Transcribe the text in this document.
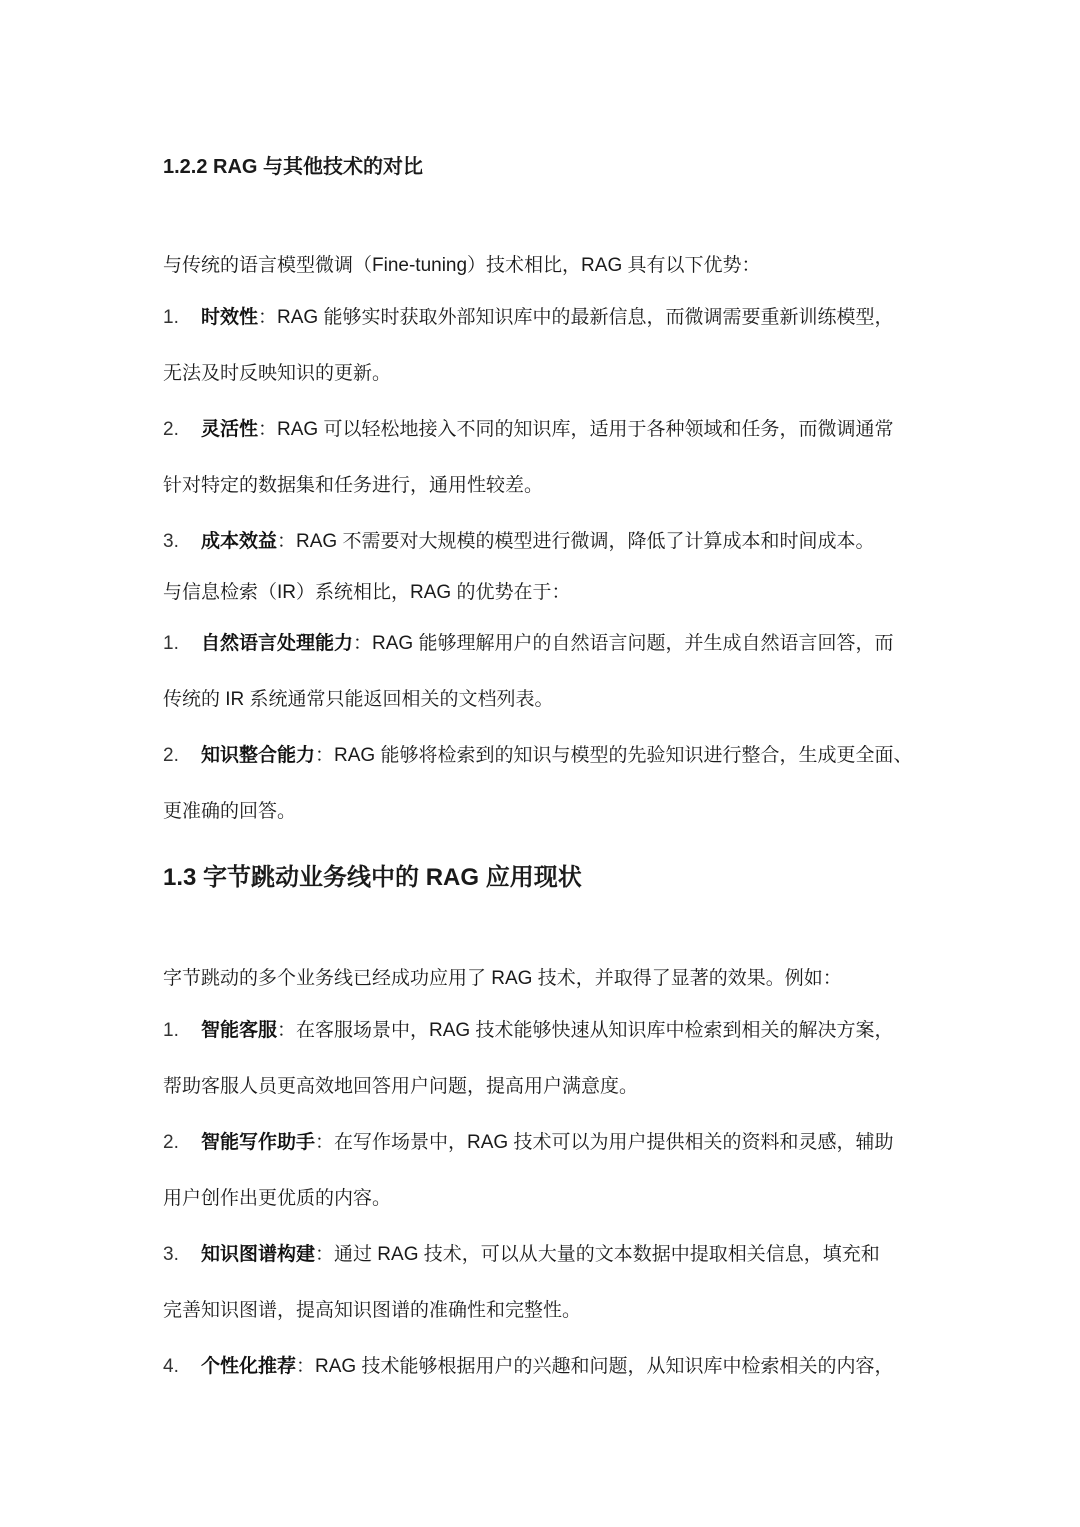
1.2.2 RAG 与其他技术的对比
与传统的语言模型微调（Fine-tuning）技术相比，RAG 具有以下优势：
1. 时效性：RAG 能够实时获取外部知识库中的最新信息，而微调需要重新训练模型，
无法及时反映知识的更新。
2. 灵活性：RAG 可以轻松地接入不同的知识库，适用于各种领域和任务，而微调通常
针对特定的数据集和任务进行，通用性较差。
3. 成本效益：RAG 不需要对大规模的模型进行微调，降低了计算成本和时间成本。
与信息检索（IR）系统相比，RAG 的优势在于：
1. 自然语言处理能力：RAG 能够理解用户的自然语言问题，并生成自然语言回答，而
传统的 IR 系统通常只能返回相关的文档列表。
2. 知识整合能力：RAG 能够将检索到的知识与模型的先验知识进行整合，生成更全面、
更准确的回答。
1.3 字节跳动业务线中的 RAG 应用现状
字节跳动的多个业务线已经成功应用了 RAG 技术，并取得了显著的效果。例如：
1. 智能客服：在客服场景中，RAG 技术能够快速从知识库中检索到相关的解决方案，
帮助客服人员更高效地回答用户问题，提高用户满意度。
2. 智能写作助手：在写作场景中，RAG 技术可以为用户提供相关的资料和灵感，辅助
用户创作出更优质的内容。
3. 知识图谱构建：通过 RAG 技术，可以从大量的文本数据中提取相关信息，填充和
完善知识图谱，提高知识图谱的准确性和完整性。
4. 个性化推荐：RAG 技术能够根据用户的兴趣和问题，从知识库中检索相关的内容，
